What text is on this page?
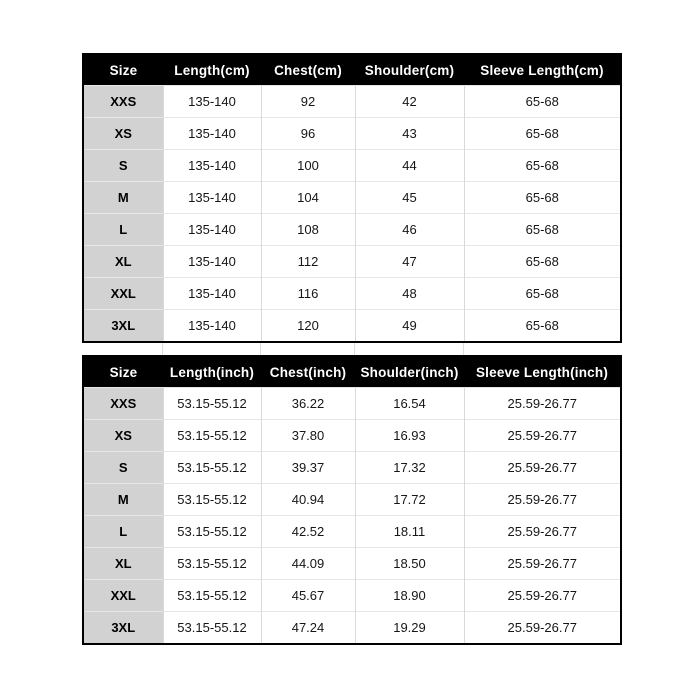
Size	Length(cm)	Chest(cm)	Shoulder(cm)	Sleeve Length(cm)
XXS	135-140	92	42	65-68
XS	135-140	96	43	65-68
S	135-140	100	44	65-68
M	135-140	104	45	65-68
L	135-140	108	46	65-68
XL	135-140	112	47	65-68
XXL	135-140	116	48	65-68
3XL	135-140	120	49	65-68

Size	Length(inch)	Chest(inch)	Shoulder(inch)	Sleeve Length(inch)
XXS	53.15-55.12	36.22	16.54	25.59-26.77
XS	53.15-55.12	37.80	16.93	25.59-26.77
S	53.15-55.12	39.37	17.32	25.59-26.77
M	53.15-55.12	40.94	17.72	25.59-26.77
L	53.15-55.12	42.52	18.11	25.59-26.77
XL	53.15-55.12	44.09	18.50	25.59-26.77
XXL	53.15-55.12	45.67	18.90	25.59-26.77
3XL	53.15-55.12	47.24	19.29	25.59-26.77
